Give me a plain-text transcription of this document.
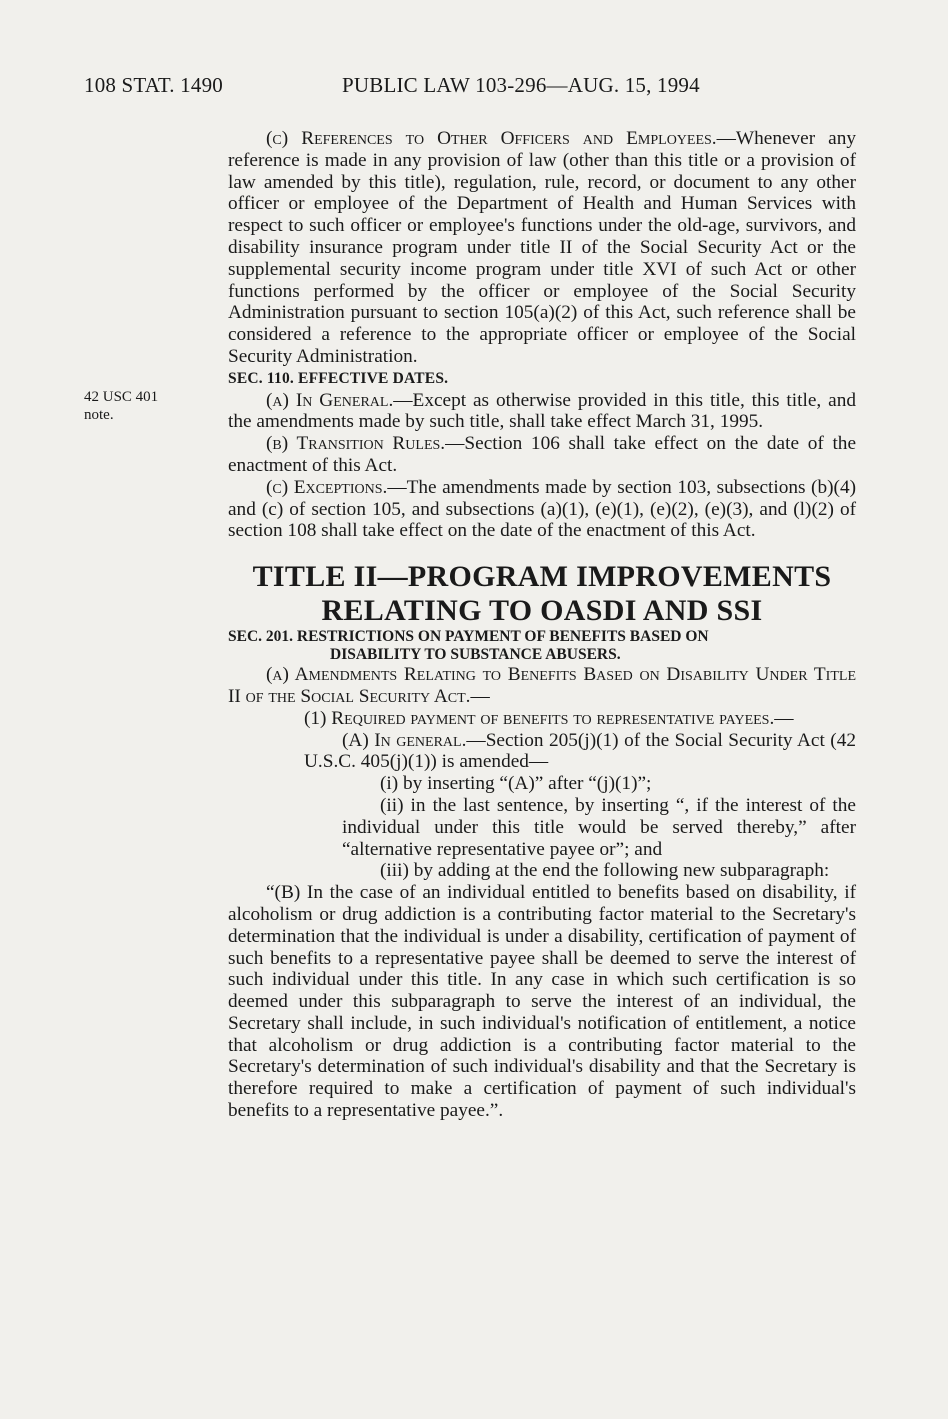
108 STAT. 1490	PUBLIC LAW 103-296—AUG. 15, 1994
42 USC 401
note.

(c) References to Other Officers and Employees.—Whenever any reference is made in any provision of law (other than this title or a provision of law amended by this title), regulation, rule, record, or document to any other officer or employee of the Department of Health and Human Services with respect to such officer or employee's functions under the old-age, survivors, and disability insurance program under title II of the Social Security Act or the supplemental security income program under title XVI of such Act or other functions performed by the officer or employee of the Social Security Administration pursuant to section 105(a)(2) of this Act, such reference shall be considered a reference to the appropriate officer or employee of the Social Security Administration.

SEC. 110. EFFECTIVE DATES.

(a) In General.—Except as otherwise provided in this title, this title, and the amendments made by such title, shall take effect March 31, 1995.

(b) Transition Rules.—Section 106 shall take effect on the date of the enactment of this Act.

(c) Exceptions.—The amendments made by section 103, subsections (b)(4) and (c) of section 105, and subsections (a)(1), (e)(1), (e)(2), (e)(3), and (l)(2) of section 108 shall take effect on the date of the enactment of this Act.

TITLE II—PROGRAM IMPROVEMENTS
RELATING TO OASDI AND SSI

SEC. 201. RESTRICTIONS ON PAYMENT OF BENEFITS BASED ON
DISABILITY TO SUBSTANCE ABUSERS.

(a) Amendments Relating to Benefits Based on Disability Under Title II of the Social Security Act.—

(1) Required payment of benefits to representative payees.—

(A) In general.—Section 205(j)(1) of the Social Security Act (42 U.S.C. 405(j)(1)) is amended—

(i) by inserting “(A)” after “(j)(1)”;

(ii) in the last sentence, by inserting “, if the interest of the individual under this title would be served thereby,” after “alternative representative payee or”; and

(iii) by adding at the end the following new subparagraph:

“(B) In the case of an individual entitled to benefits based on disability, if alcoholism or drug addiction is a contributing factor material to the Secretary's determination that the individual is under a disability, certification of payment of such benefits to a representative payee shall be deemed to serve the interest of such individual under this title. In any case in which such certification is so deemed under this subparagraph to serve the interest of an individual, the Secretary shall include, in such individual's notification of entitlement, a notice that alcoholism or drug addiction is a contributing factor material to the Secretary's determination of such individual's disability and that the Secretary is therefore required to make a certification of payment of such individual's benefits to a representative payee.”.
